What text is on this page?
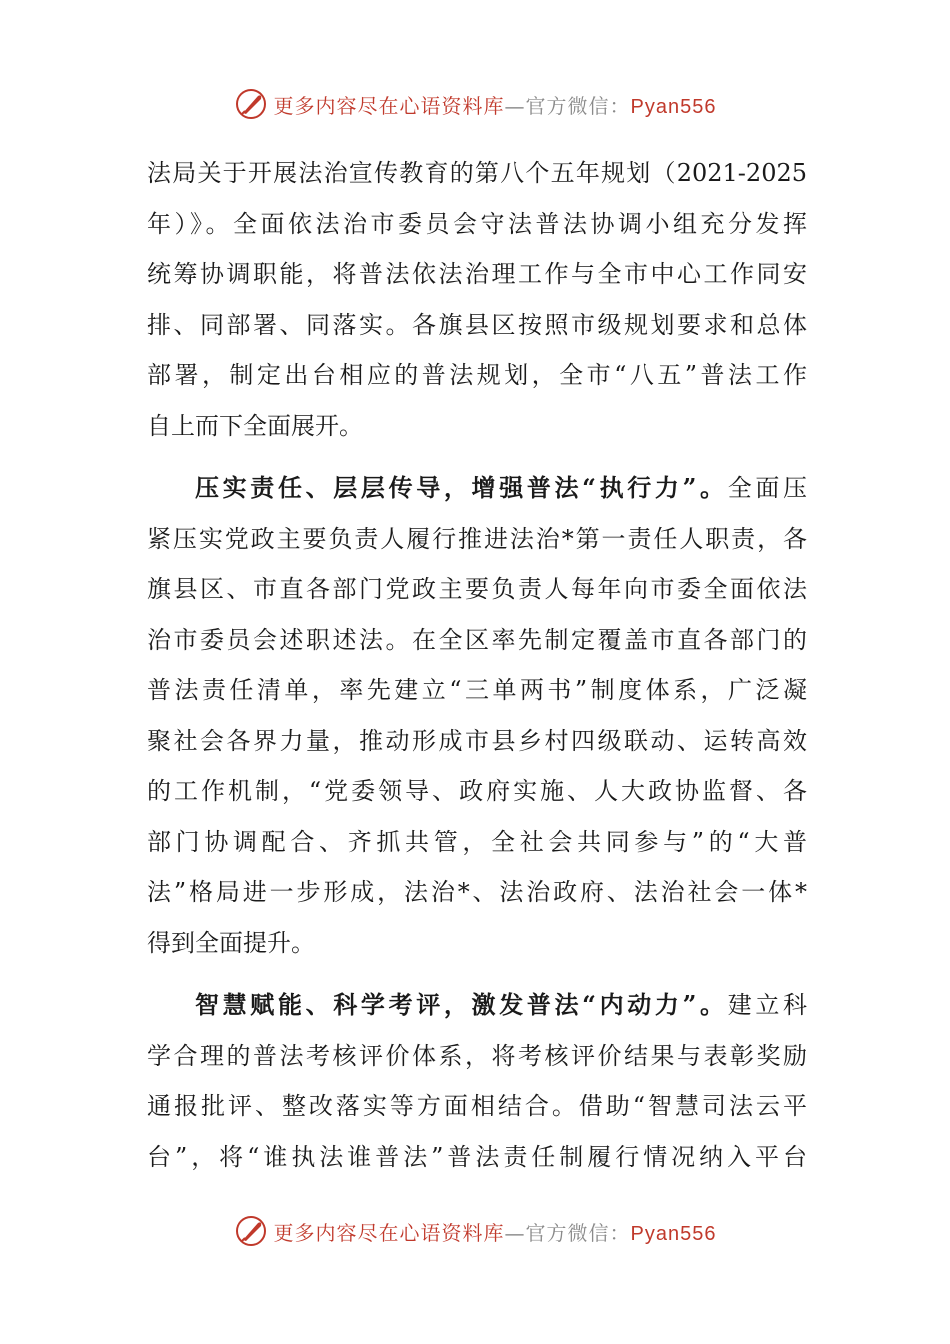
更多内容尽在心语资料库—官方微信：Pyan556
法局关于开展法治宣传教育的第八个五年规划（2021-2025
年）》。全面依法治市委员会守法普法协调小组充分发挥
统筹协调职能，将普法依法治理工作与全市中心工作同安
排、同部署、同落实。各旗县区按照市级规划要求和总体
部署，制定出台相应的普法规划，全市“八五”普法工作
自上而下全面展开。
压实责任、层层传导，增强普法“执行力”。全面压
紧压实党政主要负责人履行推进法治*第一责任人职责，各
旗县区、市直各部门党政主要负责人每年向市委全面依法
治市委员会述职述法。在全区率先制定覆盖市直各部门的
普法责任清单，率先建立“三单两书”制度体系，广泛凝
聚社会各界力量，推动形成市县乡村四级联动、运转高效
的工作机制，“党委领导、政府实施、人大政协监督、各
部门协调配合、齐抓共管，全社会共同参与”的“大普
法”格局进一步形成，法治*、法治政府、法治社会一体*
得到全面提升。
智慧赋能、科学考评，激发普法“内动力”。建立科
学合理的普法考核评价体系，将考核评价结果与表彰奖励
通报批评、整改落实等方面相结合。借助“智慧司法云平
台”，将“谁执法谁普法”普法责任制履行情况纳入平台
更多内容尽在心语资料库—官方微信：Pyan556
